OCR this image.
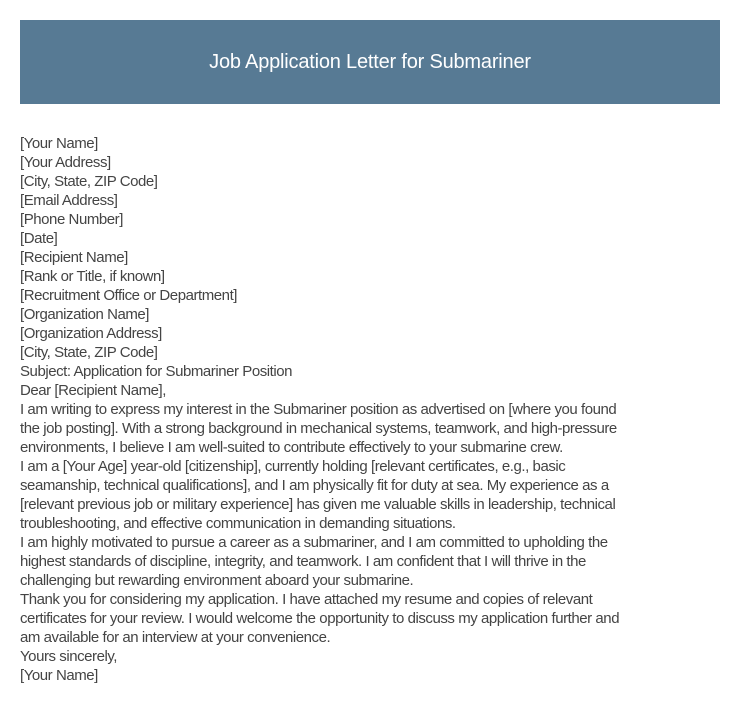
Job Application Letter for Submariner
[Your Name]
[Your Address]
[City, State, ZIP Code]
[Email Address]
[Phone Number]
[Date]
[Recipient Name]
[Rank or Title, if known]
[Recruitment Office or Department]
[Organization Name]
[Organization Address]
[City, State, ZIP Code]
Subject: Application for Submariner Position
Dear [Recipient Name],
I am writing to express my interest in the Submariner position as advertised on [where you found
the job posting]. With a strong background in mechanical systems, teamwork, and high-pressure
environments, I believe I am well-suited to contribute effectively to your submarine crew.
I am a [Your Age] year-old [citizenship], currently holding [relevant certificates, e.g., basic
seamanship, technical qualifications], and I am physically fit for duty at sea. My experience as a
[relevant previous job or military experience] has given me valuable skills in leadership, technical
troubleshooting, and effective communication in demanding situations.
I am highly motivated to pursue a career as a submariner, and I am committed to upholding the
highest standards of discipline, integrity, and teamwork. I am confident that I will thrive in the
challenging but rewarding environment aboard your submarine.
Thank you for considering my application. I have attached my resume and copies of relevant
certificates for your review. I would welcome the opportunity to discuss my application further and
am available for an interview at your convenience.
Yours sincerely,
[Your Name]
